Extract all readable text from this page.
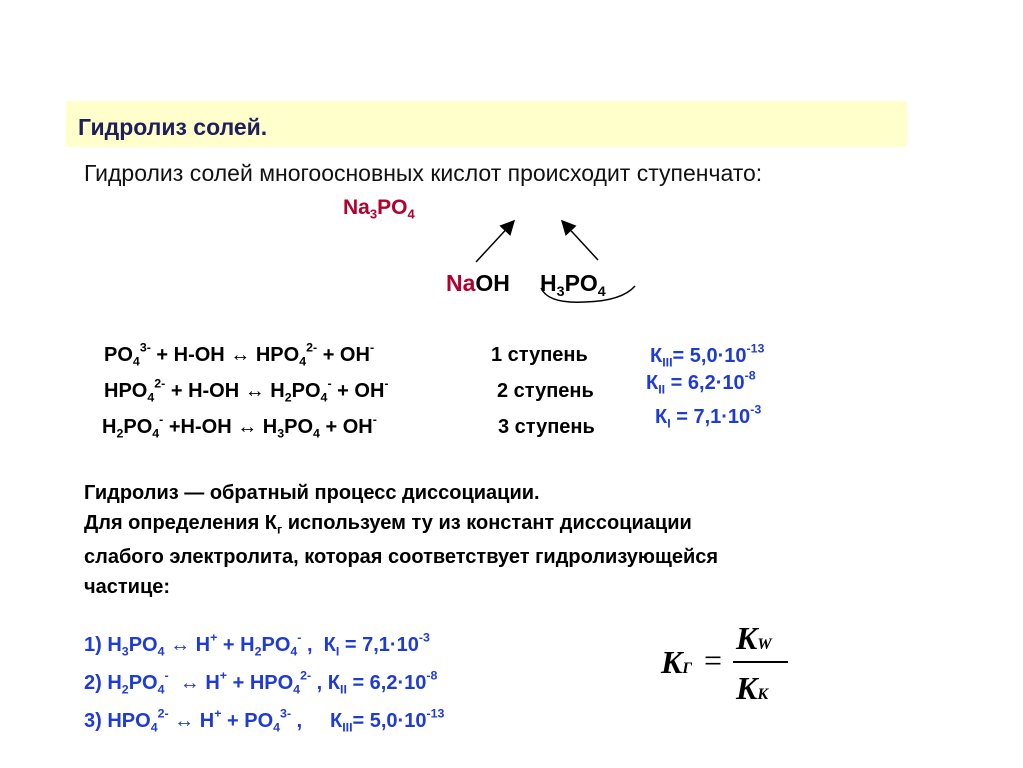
Гидролиз солей.
Гидролиз солей многоосновных кислот происходит ступенчато:
$Na_3PO_4$
NaOH $H_3PO_4$
$PO_4^{3-} + H-OH$ ↔ $HPO_4^{2-} + OH^-$	1 ступень
$HPO_4^{2-} + H-OH$ ↔ $H_2PO_4^- + OH^-$	2 ступень
$H_2PO_4^- +H-OH$ ↔ $H_3PO_4 + OH^-$	3 ступень
$К_{III}= 5,0\cdot 10^{-13}$
$К_{II} = 6,2\cdot 10^{-8}$
$К_I = 7,1\cdot 10^{-3}$
Гидролиз — обратный процесс диссоциации.
Для определения $К_г$ используем ту из констант диссоциации
слабого электролита, которая соответствует гидролизующейся
частице:
1) $H_3PO_4$ ↔ $H^+ + H_2PO_4^-$ ,  $К_I = 7,1\cdot 10^{-3}$
2) $H_2PO_4^-$  ↔ $H^+ + HPO_4^{2-}$ , $К_{II} = 6,2\cdot 10^{-8}$
3) $HPO_4^{2-}$ ↔ $H^+ + PO_4^{3-}$ ,     $К_{III}= 5,0\cdot 10^{-13}$
KГ =
KW
KК
